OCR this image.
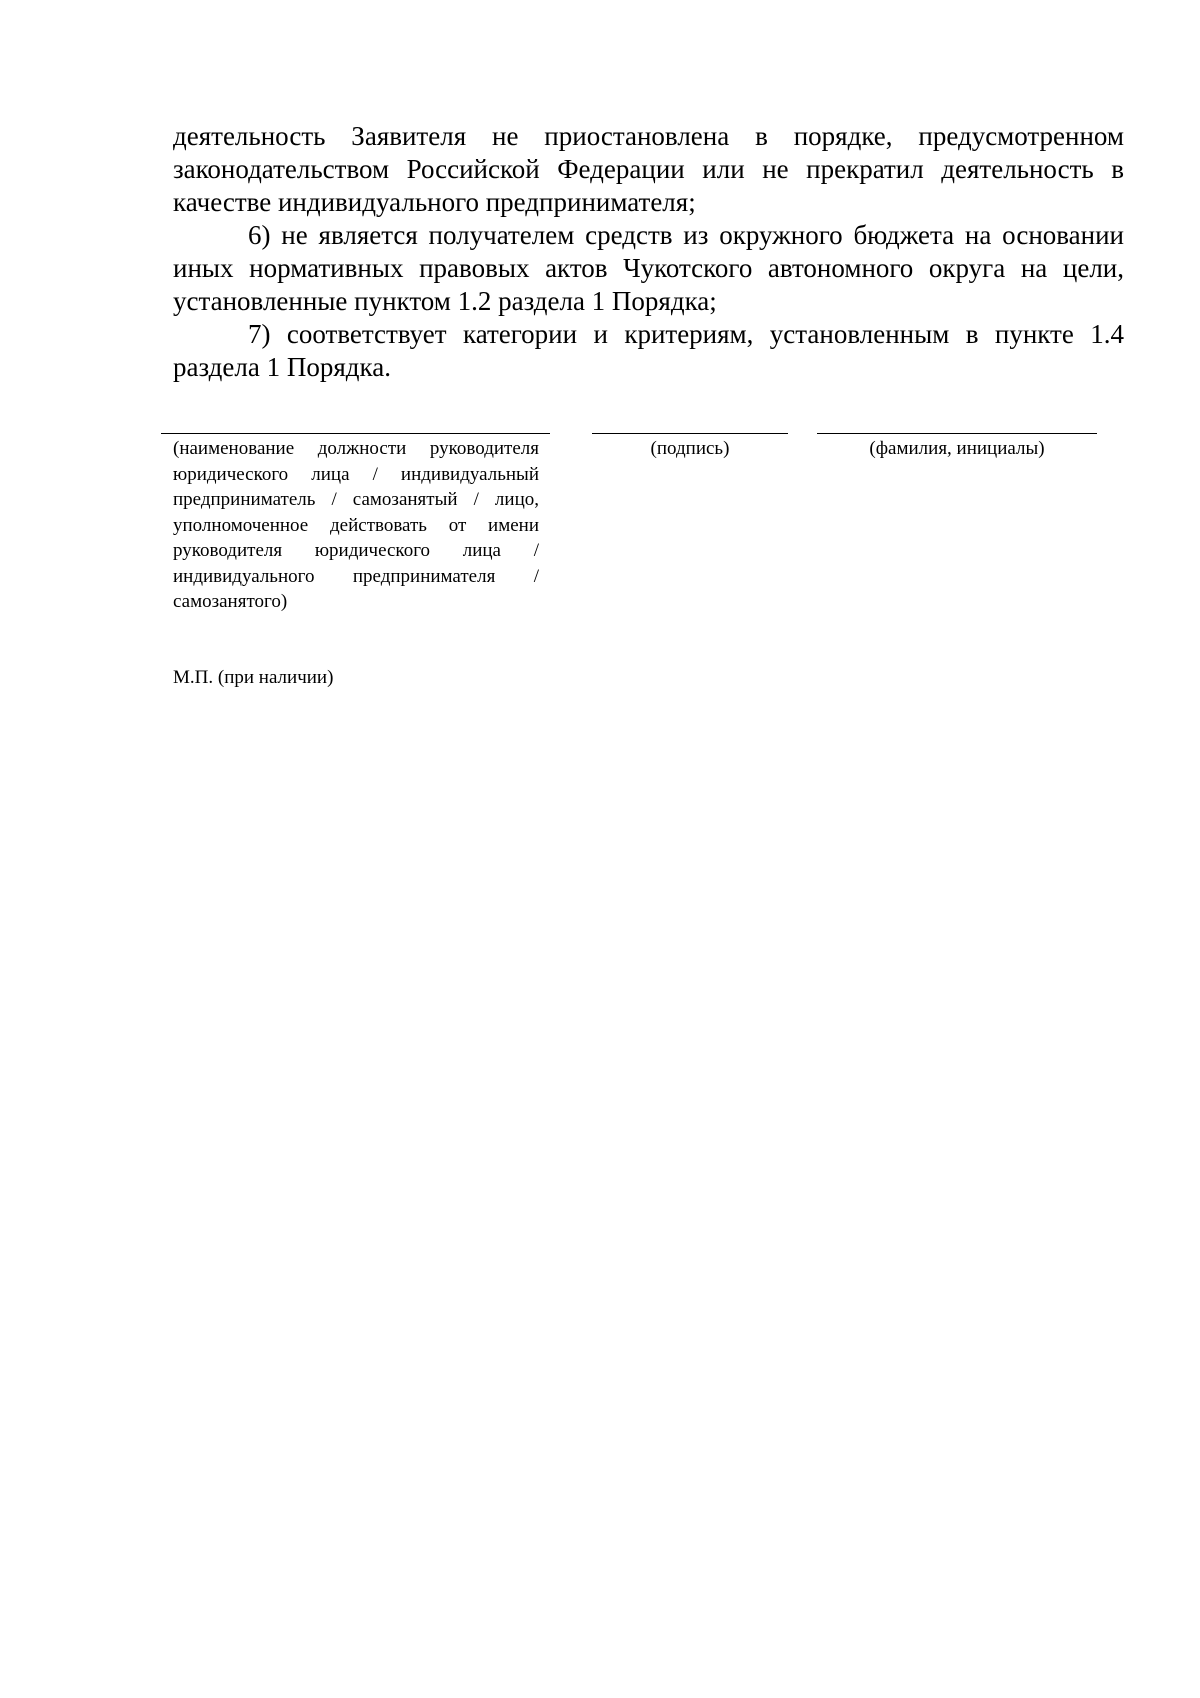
деятельность Заявителя не приостановлена в порядке, предусмотренном законодательством Российской Федерации или не прекратил деятельность в качестве индивидуального предпринимателя;

6) не является получателем средств из окружного бюджета на основании иных нормативных правовых актов Чукотского автономного округа на цели, установленные пунктом 1.2 раздела 1 Порядка;

7) соответствует категории и критериям, установленным в пункте 1.4 раздела 1 Порядка.

(наименование должности руководителя юридического лица / индивидуальный предприниматель / самозанятый / лицо, уполномоченное действовать от имени руководителя юридического лица / индивидуального предпринимателя / самозанятого)
(подпись)	(фамилия, инициалы)
М.П. (при наличии)
